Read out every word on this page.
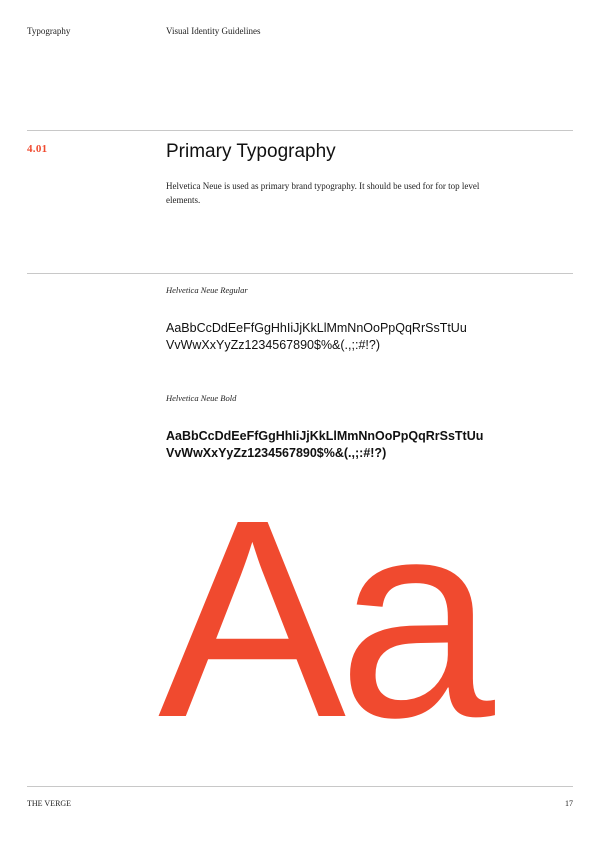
Typography	Visual Identity Guidelines
4.01	Primary Typography
Helvetica Neue is used as primary brand typography. It should be used for for top level elements.
Helvetica Neue Regular
AaBbCcDdEeFfGgHhIiJjKkLlMmNnOoPpQqRrSsTtUu
VvWwXxYyZz1234567890$%&(.,;:#!?)
Helvetica Neue Bold
AaBbCcDdEeFfGgHhIiJjKkLlMmNnOoPpQqRrSsTtUu
VvWwXxYyZz1234567890$%&(.,;:#!?)
Aa
THE VERGE	17
